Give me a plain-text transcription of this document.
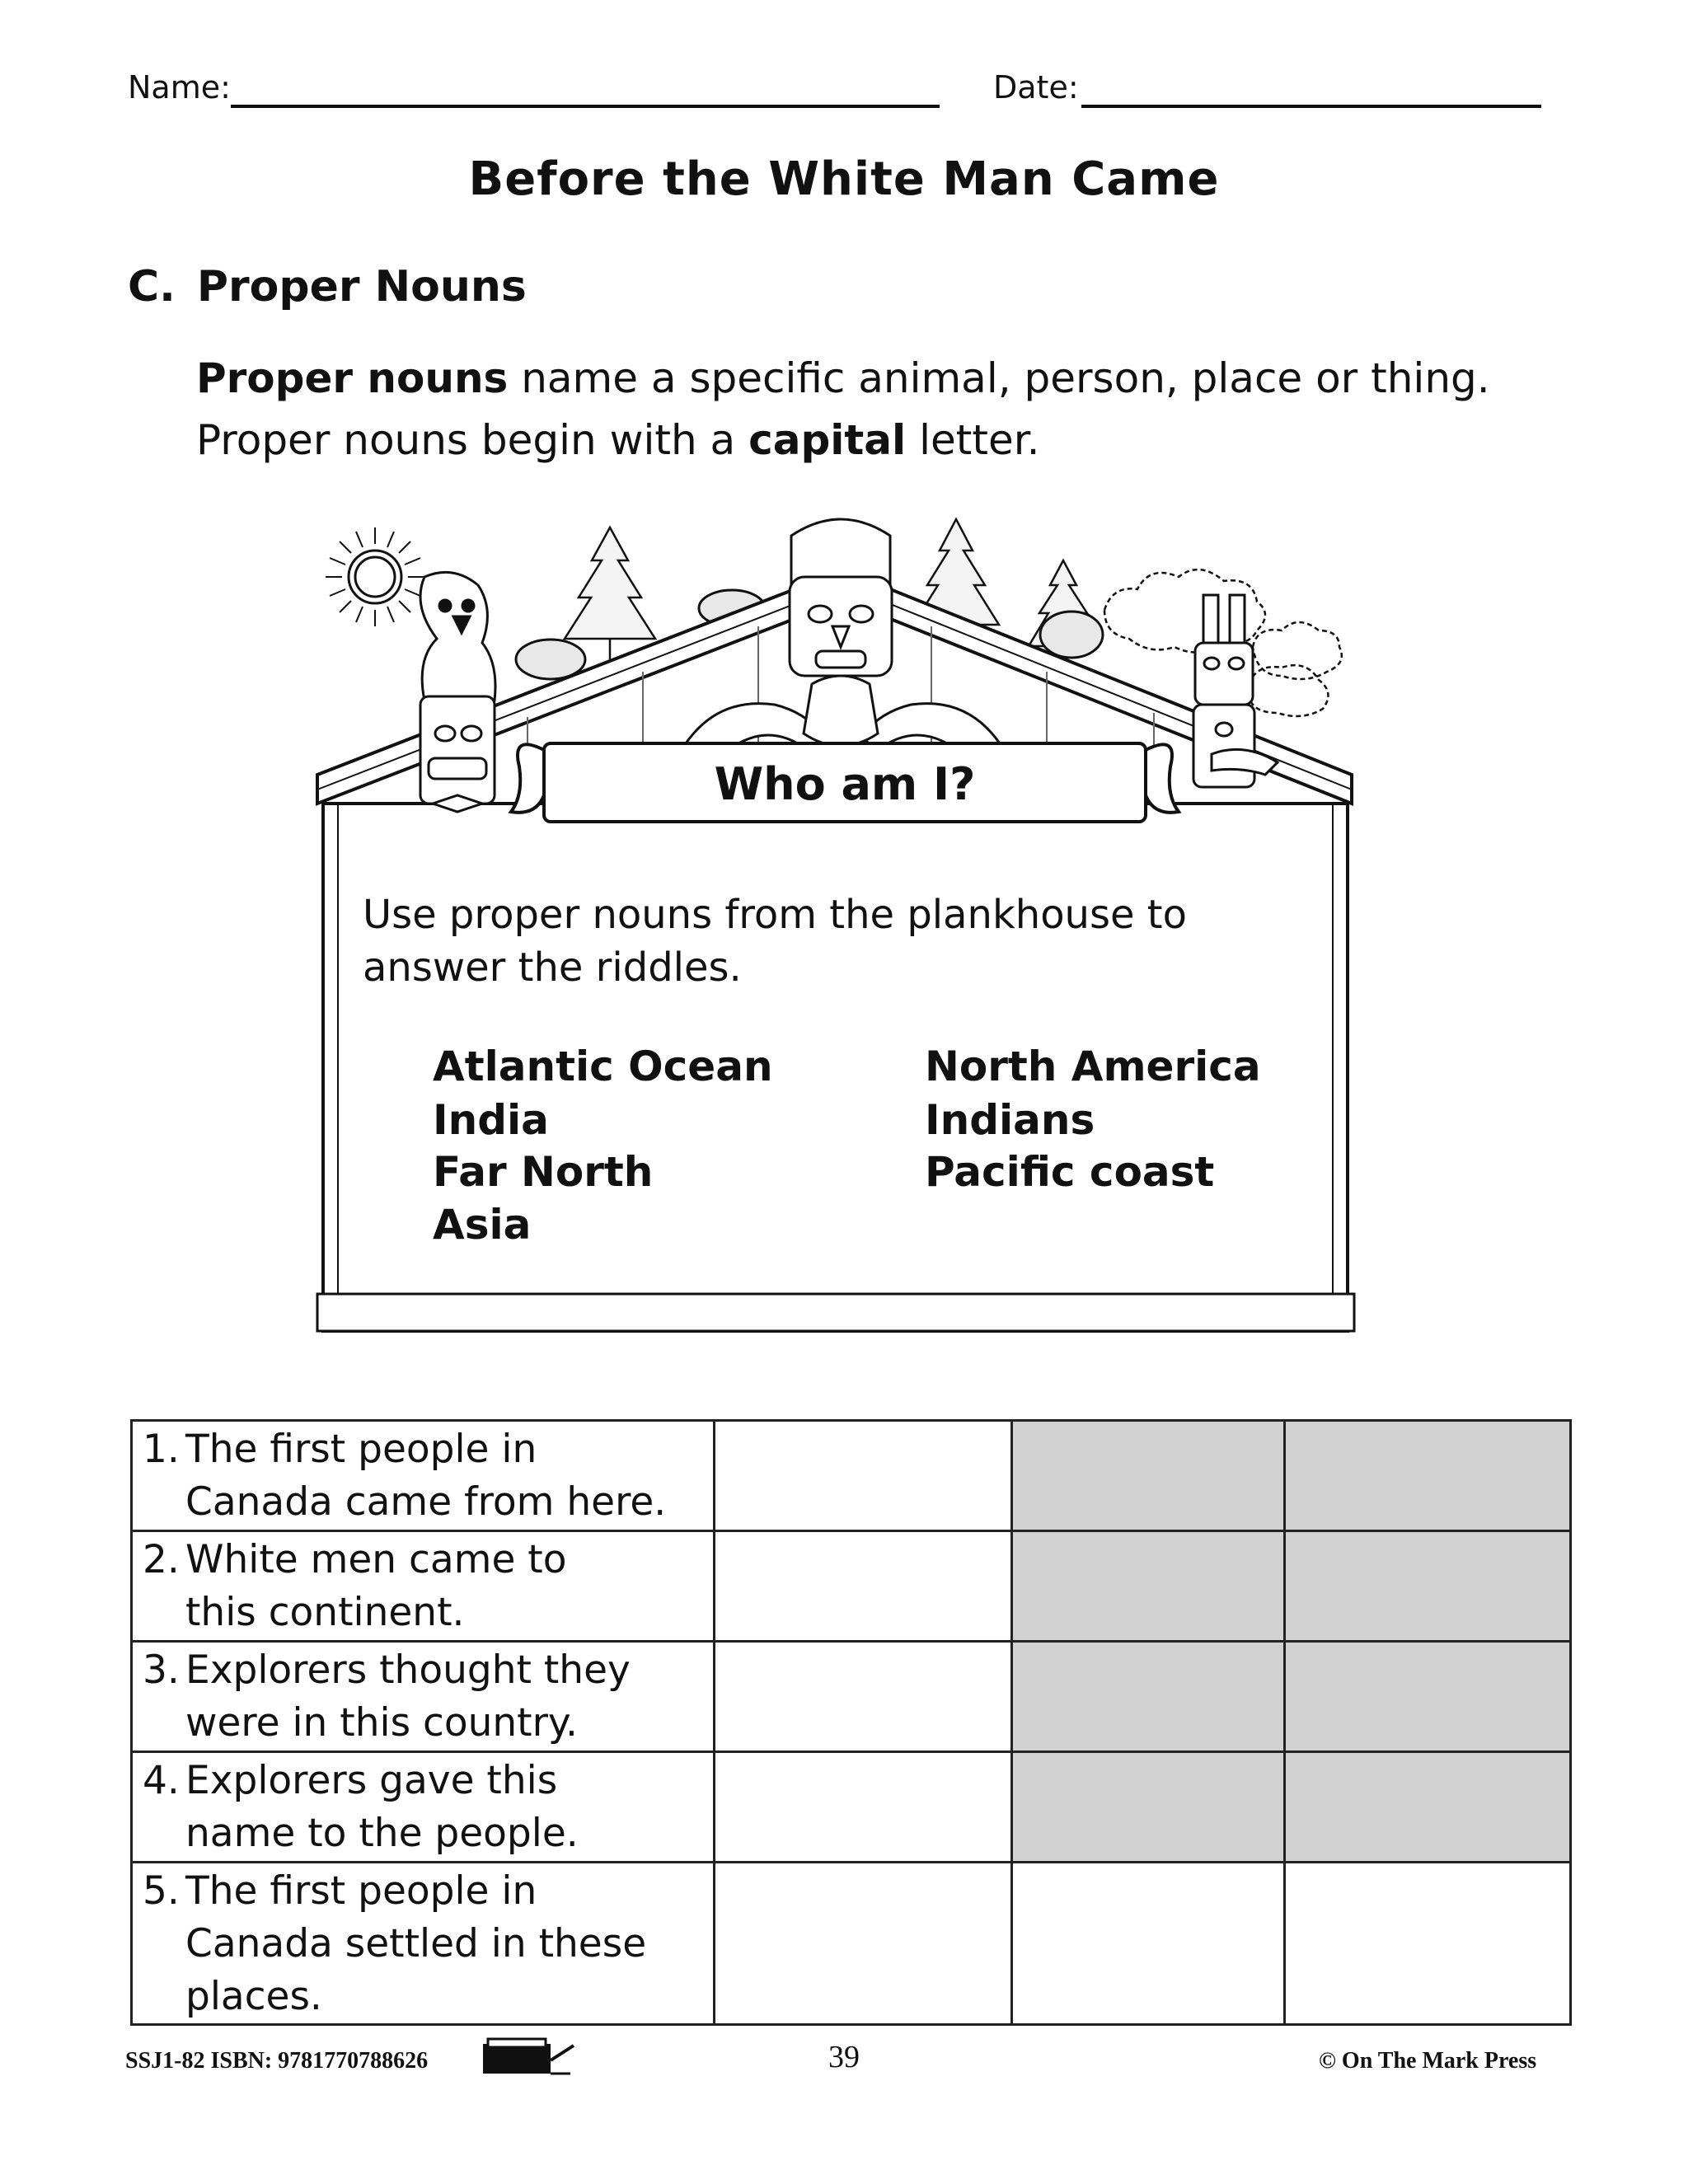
Name:	Date:
Before the White Man Came
C. Proper Nouns
Proper nouns name a specific animal, person, place or thing.
Proper nouns begin with a capital letter.
Who am I?
Use proper nouns from the plankhouse to
answer the riddles.
Atlantic Ocean
India
Far North
Asia
North America
Indians
Pacific coast
1. The first people in
Canada came from here.			

2. White men came to
this continent.			

3. Explorers thought they
were in this country.			

4. Explorers gave this
name to the people.			

5. The first people in
Canada settled in these
places.			

SSJ1-82 ISBN: 9781770788626	39	© On The Mark Press
